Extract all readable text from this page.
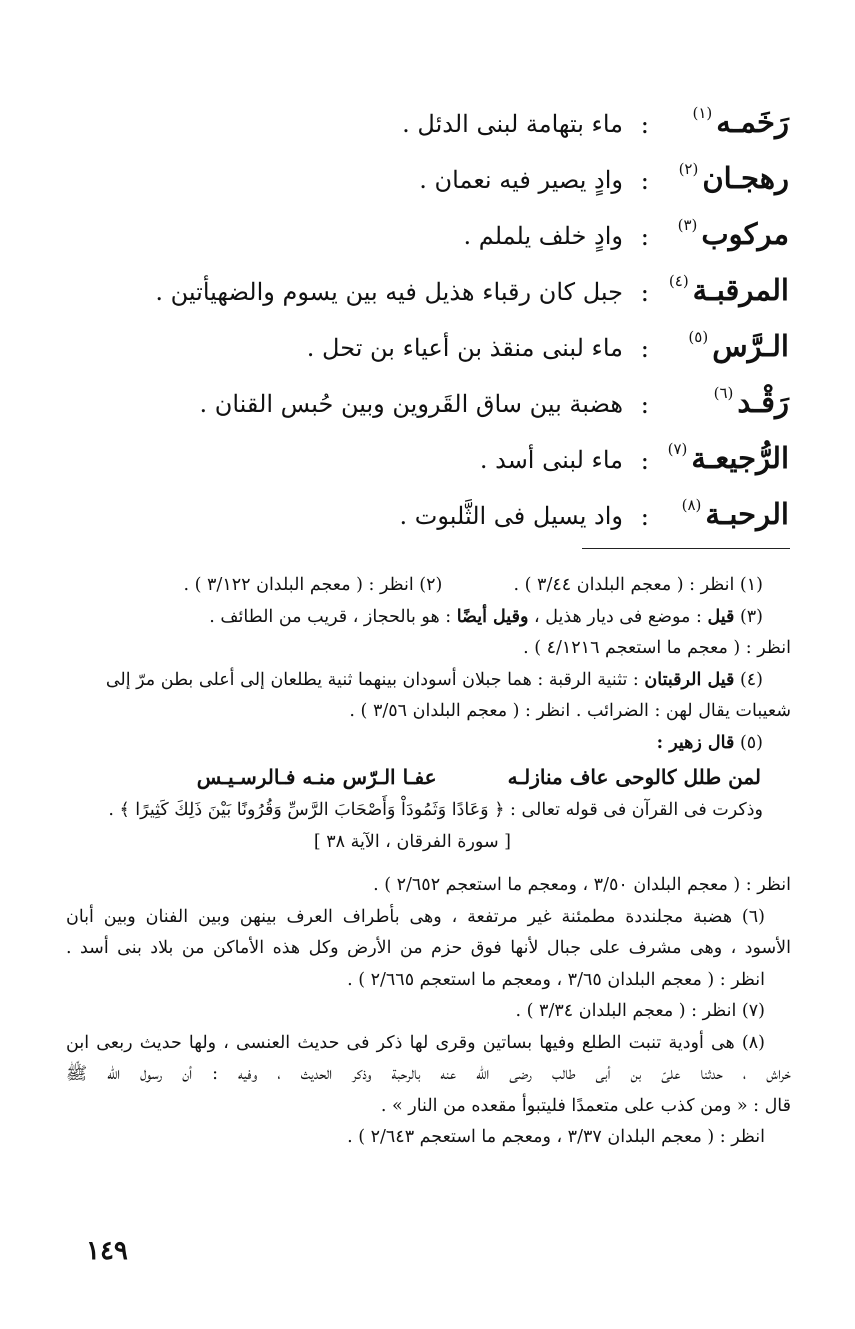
رَخَمـه$^{(١)}$
:
ماء بتهامة لبنى الدئل .
رهجـان$^{(٢)}$
:
وادٍ يصير فيه نعمان .
مركوب$^{(٣)}$
:
وادٍ خلف يلملم .
المرقبـة$^{(٤)}$
:
جبل كان رقباء هذيل فيه بين يسوم والضهيأتين .
الـرَّس$^{(٥)}$
:
ماء لبنى منقذ بن أعياء بن تحل .
رَقْـد$^{(٦)}$
:
هضبة بين ساق القَروين وبين حُبس القنان .
الرُّجيعـة$^{(٧)}$
:
ماء لبنى أسد .
الرحبـة$^{(٨)}$
:
واد يسيل فى الثَّلبوت .
(١) انظر : ( معجم البلدان ٣/٤٤ ) .  (٢) انظر : ( معجم البلدان ٣/١٢٢ ) .
(٣) قيل : موضع فى ديار هذيل ، وقيل أيضًا : هو بالحجاز ، قريب من الطائف .
انظر : ( معجم ما استعجم ٤/١٢١٦ ) .
(٤) قيل الرقبتان : تثنية الرقبة : هما جبلان أسودان بينهما ثنية يطلعان إلى أعلى بطن مرّ إلى
شعيبات يقال لهن : الضرائب . انظر : ( معجم البلدان ٣/٥٦ ) .
(٥) قال زهير :
لمن طلل كالوحى عاف منازلـه عفـا الـرّس منـه فـالرسـيـس
وذكرت فى القرآن فى قوله تعالى : ﴿ وَعَادًا وَثَمُودَاْ وَأَصْحَابَ الرَّسِّ وَقُرُونًا بَيْنَ ذَلِكَ كَثِيرًا ﴾ .
[ سورة الفرقان ، الآية ٣٨ ]
انظر : ( معجم البلدان ٣/٥٠ ، ومعجم ما استعجم ٢/٦٥٢ ) .
(٦) هضبة مجلنددة مطمئنة غير مرتفعة ، وهى بأطراف العرف بينهن وبين الفنان وبين أبان
الأسود ، وهى مشرف على جبال لأنها فوق حزم من الأرض وكل هذه الأماكن من بلاد بنى أسد .
انظر : ( معجم البلدان ٣/٦٥ ، ومعجم ما استعجم ٢/٦٦٥ ) .
(٧) انظر : ( معجم البلدان ٣/٣٤ ) .
(٨) هى أودية تنبت الطلع وفيها بساتين وقرى لها ذكر فى حديث العنسى ، ولها حديث ربعى ابن
خراش ، حدثنا علىّ بن أبى طالب رضى الله عنه بالرحبة وذكر الحديث ، وفيه : أن رسول الله ﷺ
قال : « ومن كذب على متعمدًا فليتبوأ مقعده من النار » .
انظر : ( معجم البلدان ٣/٣٧ ، ومعجم ما استعجم ٢/٦٤٣ ) .
١٤٩
